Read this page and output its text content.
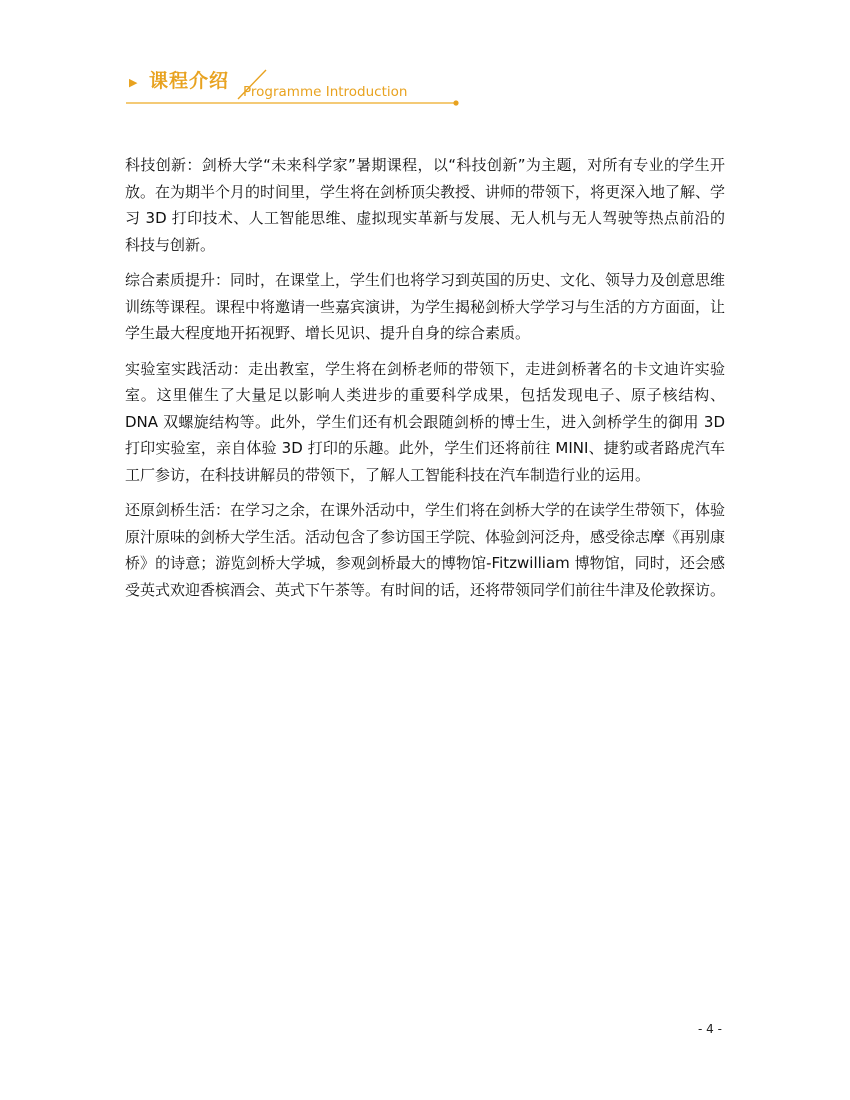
▶ 课程介绍 Programme Introduction

科技创新：剑桥大学“未来科学家”暑期课程，以“科技创新”为主题，对所有专业的学生开放。在为期半个月的时间里，学生将在剑桥顶尖教授、讲师的带领下，将更深入地了解、学习 3D 打印技术、人工智能思维、虚拟现实革新与发展、无人机与无人驾驶等热点前沿的科技与创新。

综合素质提升：同时，在课堂上，学生们也将学习到英国的历史、文化、领导力及创意思维训练等课程。课程中将邀请一些嘉宾演讲，为学生揭秘剑桥大学学习与生活的方方面面，让学生最大程度地开拓视野、增长见识、提升自身的综合素质。

实验室实践活动：走出教室，学生将在剑桥老师的带领下，走进剑桥著名的卡文迪许实验室。这里催生了大量足以影响人类进步的重要科学成果，包括发现电子、原子核结构、DNA 双螺旋结构等。此外，学生们还有机会跟随剑桥的博士生，进入剑桥学生的御用 3D 打印实验室，亲自体验 3D 打印的乐趣。此外，学生们还将前往 MINI、捷豹或者路虎汽车工厂参访，在科技讲解员的带领下，了解人工智能科技在汽车制造行业的运用。

还原剑桥生活：在学习之余，在课外活动中，学生们将在剑桥大学的在读学生带领下，体验原汁原味的剑桥大学生活。活动包含了参访国王学院、体验剑河泛舟，感受徐志摩《再别康桥》的诗意；游览剑桥大学城，参观剑桥最大的博物馆-Fitzwilliam 博物馆，同时，还会感受英式欢迎香槟酒会、英式下午茶等。有时间的话，还将带领同学们前往牛津及伦敦探访。

- 4 -
